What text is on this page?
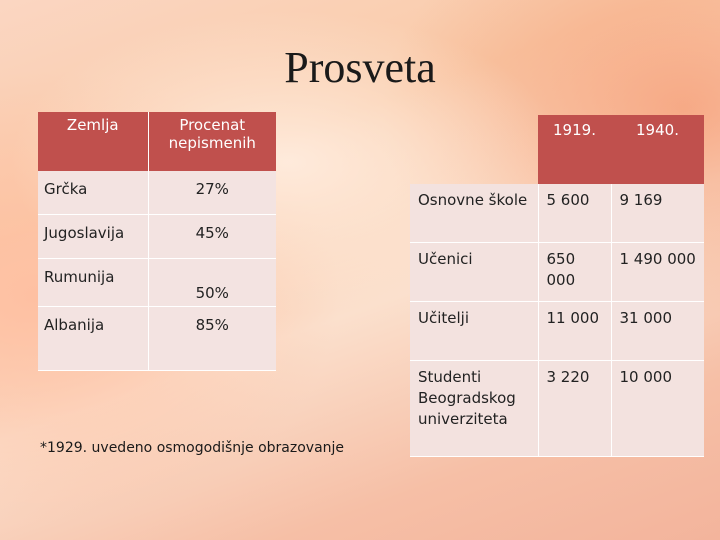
Prosveta
Zemlja	Procenat nepismenih
Grčka	27%
Jugoslavija	45%
Rumunija	50%
Albanija	85%
	1919.	1940.
Osnovne škole	5 600	9 169
Učenici	650 000	1 490 000
Učitelji	11 000	31 000
Studenti Beogradskog univerziteta	3 220	10 000
*1929. uvedeno osmogodišnje obrazovanje
